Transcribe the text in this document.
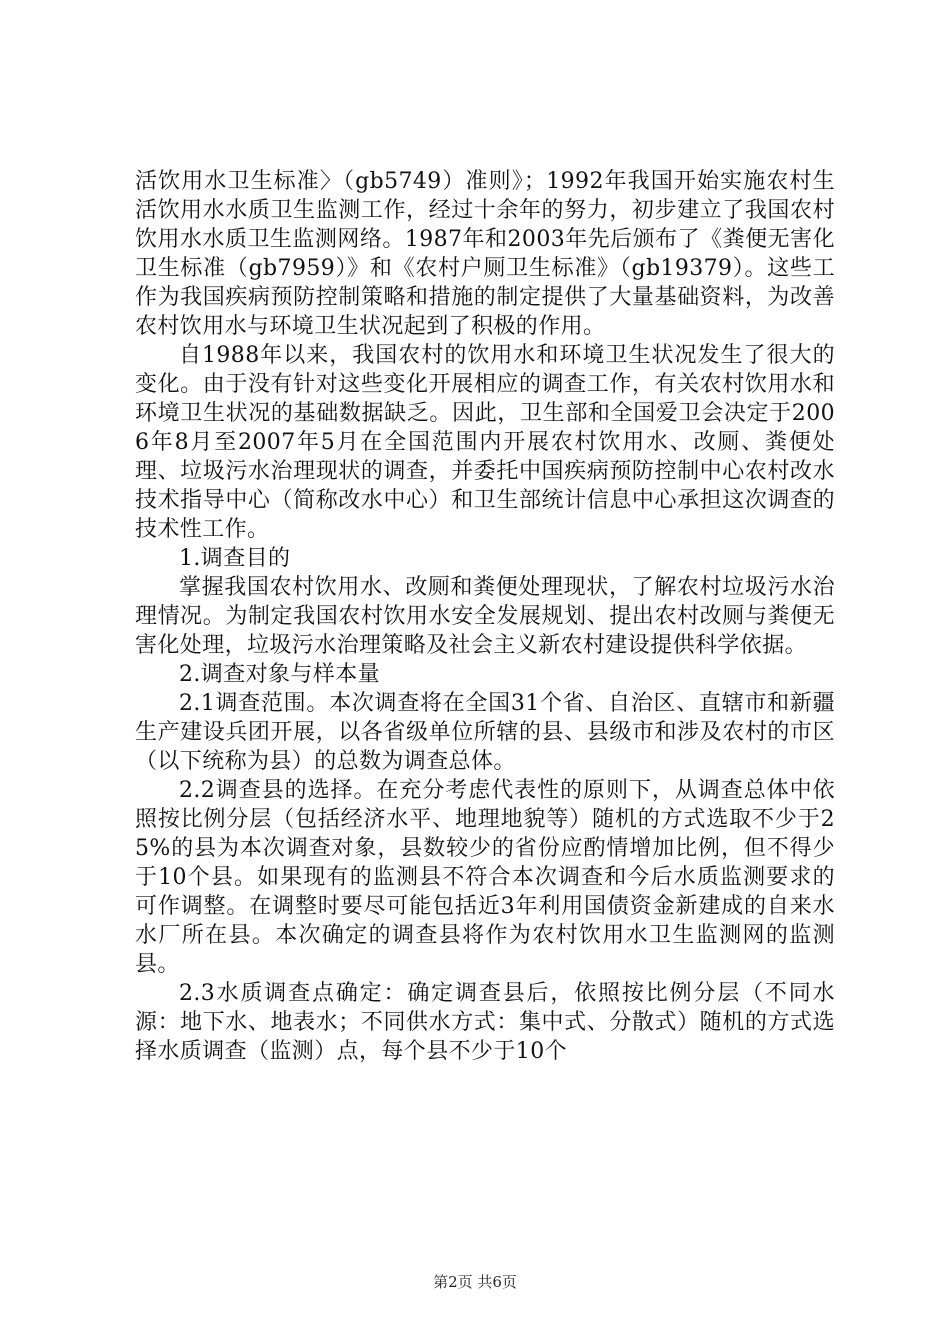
活饮用水卫生标准〉（gb5749）准则》；1992年我国开始实施农村生活饮用水水质卫生监测工作，经过十余年的努力，初步建立了我国农村饮用水水质卫生监测网络。1987年和2003年先后颁布了《粪便无害化卫生标准（gb7959）》和《农村户厕卫生标准》（gb19379）。这些工作为我国疾病预防控制策略和措施的制定提供了大量基础资料，为改善农村饮用水与环境卫生状况起到了积极的作用。

自1988年以来，我国农村的饮用水和环境卫生状况发生了很大的变化。由于没有针对这些变化开展相应的调查工作，有关农村饮用水和环境卫生状况的基础数据缺乏。因此，卫生部和全国爱卫会决定于2006年8月至2007年5月在全国范围内开展农村饮用水、改厕、粪便处理、垃圾污水治理现状的调查，并委托中国疾病预防控制中心农村改水技术指导中心（简称改水中心）和卫生部统计信息中心承担这次调查的技术性工作。

1.调查目的

掌握我国农村饮用水、改厕和粪便处理现状，了解农村垃圾污水治理情况。为制定我国农村饮用水安全发展规划、提出农村改厕与粪便无害化处理，垃圾污水治理策略及社会主义新农村建设提供科学依据。

2.调查对象与样本量

2.1调查范围。本次调查将在全国31个省、自治区、直辖市和新疆生产建设兵团开展，以各省级单位所辖的县、县级市和涉及农村的市区（以下统称为县）的总数为调查总体。

2.2调查县的选择。在充分考虑代表性的原则下，从调查总体中依照按比例分层（包括经济水平、地理地貌等）随机的方式选取不少于25%的县为本次调查对象，县数较少的省份应酌情增加比例，但不得少于10个县。如果现有的监测县不符合本次调查和今后水质监测要求的可作调整。在调整时要尽可能包括近3年利用国债资金新建成的自来水水厂所在县。本次确定的调查县将作为农村饮用水卫生监测网的监测县。

2.3水质调查点确定：确定调查县后，依照按比例分层（不同水源：地下水、地表水；不同供水方式：集中式、分散式）随机的方式选择水质调查（监测）点，每个县不少于10个

第2页 共6页
